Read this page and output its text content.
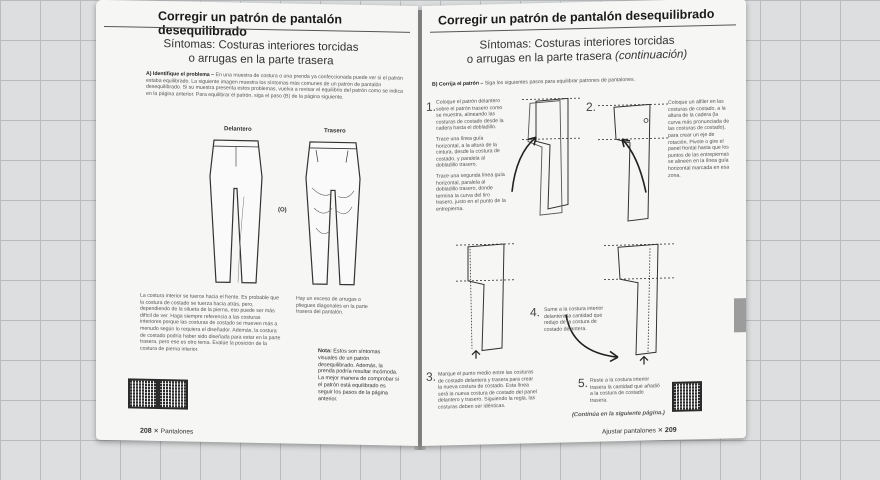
Corregir un patrón de pantalón desequilibrado
Síntomas: Costuras interiores torcidas
o arrugas en la parte trasera
A) Identifique el problema – En una muestra de costura o una prenda ya confeccionada puede ver si el patrón estaba equilibrado. La siguiente imagen muestra los síntomas más comunes de un patrón de pantalón desequilibrado. Si su muestra presenta estos problemas, vuelva a revisar el equilibrio del patrón como se indica en la página anterior. Para equilibrar el patrón, siga el paso (B) de la página siguiente.
Delantero	Trasero
(O)
La costura interior se tuerce hacia el frente. Es probable que la costura de costado se tuerza hacia atrás, pero, dependiendo de la silueta de la pierna, eso puede ser más difícil de ver. Haga siempre referencia a las costuras interiores porque las costuras de costado se mueven más a menudo según lo requiera el diseñador. Además, la costura de costado podría haber sido diseñada para estar en la parte trasera, pero ese es otro tema. Evalúe la posición de la costura de pierna interior.
Hay un exceso de arrugas o pliegues diagonales en la parte trasera del pantalón.
Nota: Estos son síntomas visuales de un patrón desequilibrado. Además, la prenda podría resultar incómoda. La mejor manera de comprobar si el patrón está equilibrado es seguir los pasos de la página anterior.
208 ✕ Pantalones
Corregir un patrón de pantalón desequilibrado
Síntomas: Costuras interiores torcidas
o arrugas en la parte trasera (continuación)
B) Corrija el patrón – Siga los siguientes pasos para equilibrar patrones de pantalones.
1. Coloque el patrón delantero sobre el patrón trasero como se muestra, alineando las costuras de costado desde la cadera hasta el dobladillo.
Trace una línea guía horizontal, a la altura de la cintura, desde la costura de costado, y paralela al dobladillo trasero.
Trace una segunda línea guía horizontal, paralela al dobladillo trasero, donde termina la curva del tiro trasero, justo en el punto de la entrepierna.
2.	Coloque un alfiler en las costuras de costado, a la altura de la cadera (la curva más pronunciada de las costuras de costado), para crear un eje de rotación. Pivote o gire el panel frontal hasta que los puntos de las entrepiernas se alineen en la línea guía horizontal marcada en esa zona.
3. Marque el punto medio entre las costuras de costado delantera y trasera para crear la nueva costura de costado. Esta línea será la nueva costura de costado del panel delantero y trasero. Siguiendo la regla, las costuras deben ser idénticas.
4. Sume a la costura interior delantera la cantidad que redujo de la costura de costado delantera.
5. Reste a la costura interior trasera la cantidad que añadió a la costura de costado trasera.
(Continúa en la siguiente página.)
Ajustar pantalones ✕ 209
